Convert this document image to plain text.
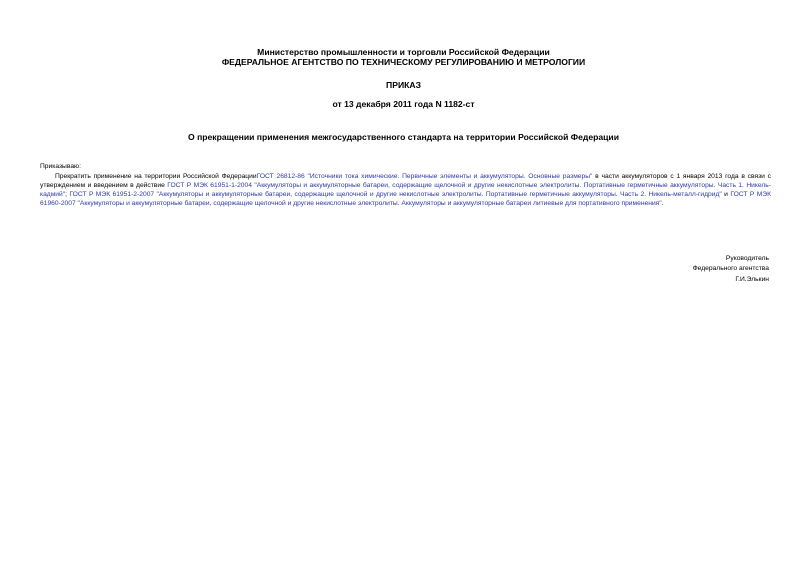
Министерство промышленности и торговли Российской Федерации
ФЕДЕРАЛЬНОЕ АГЕНТСТВО ПО ТЕХНИЧЕСКОМУ РЕГУЛИРОВАНИЮ И МЕТРОЛОГИИ
ПРИКАЗ
от 13 декабря 2011 года N 1182-ст
О прекращении применения межгосударственного стандарта на территории Российской Федерации
Приказываю:
Прекратить применение на территории Российской ФедерацииГОСТ 26812-86 "Источники тока химические. Первичные элементы и аккумуляторы. Основные размеры" в части аккумуляторов с 1 января 2013 года в связи с утверждением и введением в действие ГОСТ Р МЭК 61951-1-2004 "Аккумуляторы и аккумуляторные батареи, содержащие щелочной и другие некислотные электролиты. Портативные герметичные аккумуляторы. Часть 1. Никель-кадмий"; ГОСТ Р МЭК 61951-2-2007 "Аккумуляторы и аккумуляторные батареи, содержащие щелочной и другие некислотные электролиты. Портативные герметичные аккумуляторы. Часть 2. Никель-металл-гидрид" и ГОСТ Р МЭК 61960-2007 "Аккумуляторы и аккумуляторные батареи, содержащие щелочной и другие некислотные электролиты. Аккумуляторы и аккумуляторные батареи литиевые для портативного применения".
Руководитель
Федерального агентства
Г.И.Элькин
